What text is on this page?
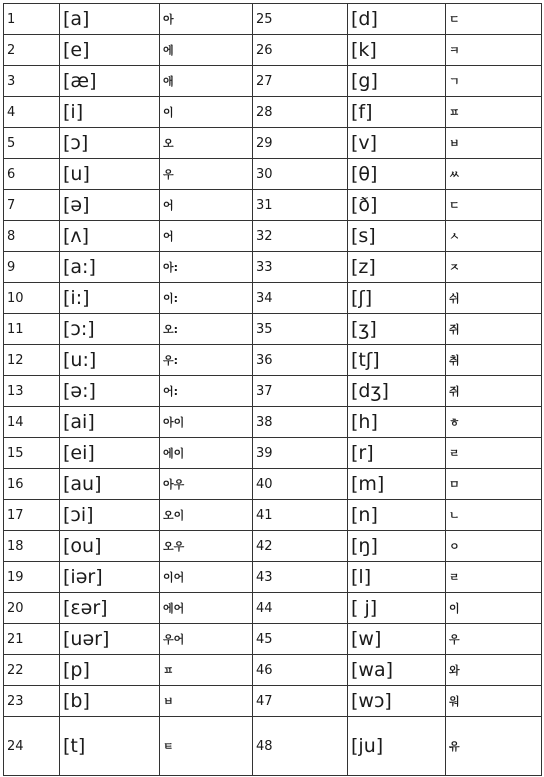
1	[a]	아	25	[d]	ㄷ
2	[e]	에	26	[k]	ㅋ
3	[æ]	애	27	[g]	ㄱ
4	[i]	이	28	[f]	ㅍ
5	[ɔ]	오	29	[v]	ㅂ
6	[u]	우	30	[θ]	ㅆ
7	[ə]	어	31	[ð]	ㄷ
8	[ʌ]	어	32	[s]	ㅅ
9	[a:]	아:	33	[z]	ㅈ
10	[i:]	이:	34	[ʃ]	쉬
11	[ɔ:]	오:	35	[ʒ]	쥐
12	[u:]	우:	36	[tʃ]	취
13	[ə:]	어:	37	[dʒ]	쥐
14	[ai]	아이	38	[h]	ㅎ
15	[ei]	에이	39	[r]	ㄹ
16	[au]	아우	40	[m]	ㅁ
17	[ɔi]	오이	41	[n]	ㄴ
18	[ou]	오우	42	[ŋ]	ㅇ
19	[iər]	이어	43	[l]	ㄹ
20	[ɛər]	에어	44	[ j]	이
21	[uər]	우어	45	[w]	우
22	[p]	ㅍ	46	[wa]	와
23	[b]	ㅂ	47	[wɔ]	워
24	[t]	ㅌ	48	[ju]	유
